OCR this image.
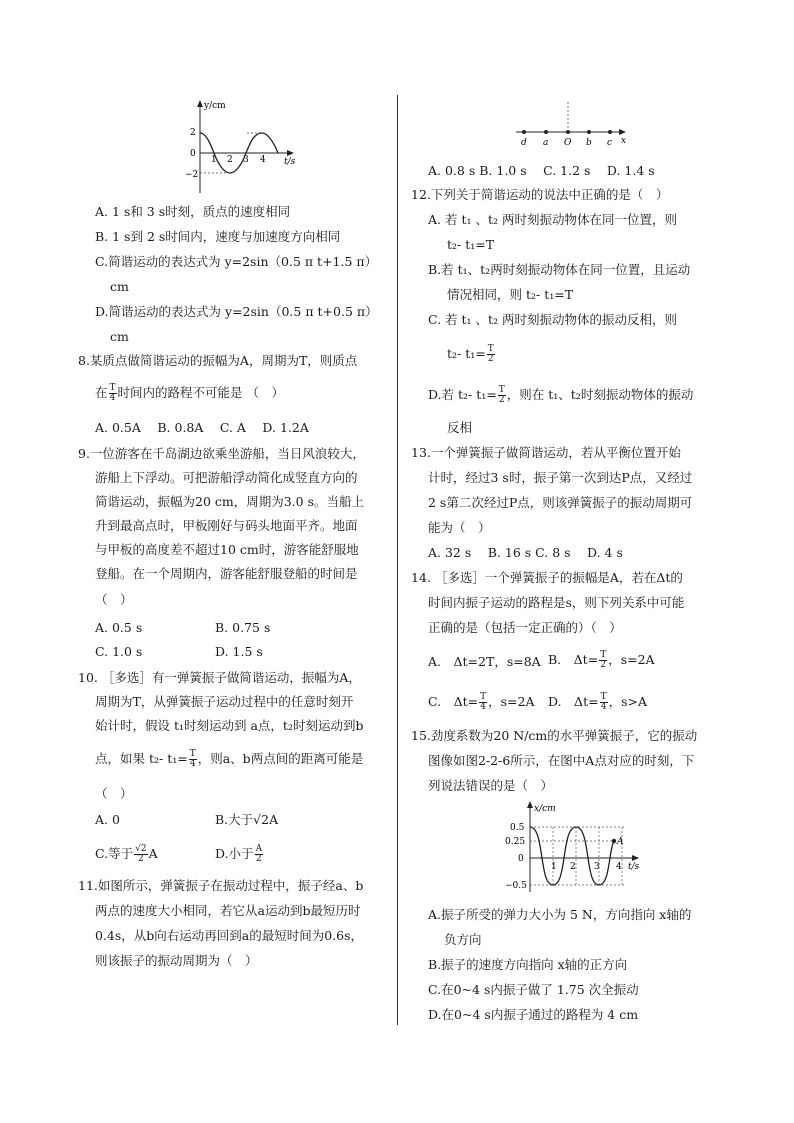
y/cm
t/s
2
0
−2
1 2 3 4
A. 1 s和 3 s时刻，质点的速度相同
B. 1 s到 2 s时间内，速度与加速度方向相同
C.简谐运动的表达式为 y=2sin（0.5 π t+1.5 π）
cm
D.简谐运动的表达式为 y=2sin（0.5 π t+0.5 π）
cm
8.某质点做简谐运动的振幅为A，周期为T，则质点
在 $\frac{T}{4}$ 时间内的路程不可能是 （　）
A. 0.5A　 B. 0.8A　 C. A　 D. 1.2A
9.一位游客在千岛湖边欲乘坐游船，当日风浪较大，
游船上下浮动。可把游船浮动简化成竖直方向的
简谐运动，振幅为20 cm，周期为3.0 s。当船上
升到最高点时，甲板刚好与码头地面平齐。地面
与甲板的高度差不超过10 cm时，游客能舒服地
登船。在一个周期内，游客能舒服登船的时间是
（　）
A. 0.5 s	B. 0.75 s
C. 1.0 s	D. 1.5 s
10. ［多选］有一弹簧振子做简谐运动，振幅为A，
周期为T，从弹簧振子运动过程中的任意时刻开
始计时，假设 t₁时刻运动到 a点，t₂时刻运动到b
点，如果 t₂- $t_1= \frac{T}{4}$ ，则a、b两点间的距离可能是
（　）
A. 0	B.大于√2A
C.等于 $\frac{√2}{2}$ A	D.小于 $\frac{A}{2}$
11.如图所示，弹簧振子在振动过程中，振子经a、b
两点的速度大小相同，若它从a运动到b最短历时
0.4s，从b向右运动再回到a的最短时间为0.6s，
则该振子的振动周期为（　）
d a O b c x
A. 0.8 s B. 1.0 s　 C. 1.2 s　 D. 1.4 s
12.下列关于简谐运动的说法中正确的是（　）
A. 若 t₁ 、t₂ 两时刻振动物体在同一位置，则
t₂- t₁=T
B.若 t₁、t₂两时刻振动物体在同一位置，且运动
情况相同，则 t₂- t₁=T
C. 若 t₁ 、t₂ 两时刻振动物体的振动反相，则
t₂- $t_1= \frac{T}{2}$
D.若 t₂- $t_1= \frac{T}{2}$ ，则在 t₁、t₂时刻振动物体的振动
反相
13.一个弹簧振子做简谐运动，若从平衡位置开始
计时，经过3 s时，振子第一次到达P点，又经过
2 s第二次经过P点，则该弹簧振子的振动周期可
能为（　）
A. 32 s　 B. 16 s C. 8 s　 D. 4 s
14. ［多选］一个弹簧振子的振幅是A，若在Δt的
时间内振子运动的路程是s，则下列关系中可能
正确的是（包括一定正确的）（　）
A.　Δt=2T，s=8A B.　$\Delta t= \frac{T}{2}$ ，s=2A
C.　$\Delta t= \frac{T}{4}$ ，s=2A D.　$\Delta t= \frac{T}{4}$ ，s>A
15.劲度系数为20 N/cm的水平弹簧振子，它的振动
图像如图2-2-6所示，在图中A点对应的时刻，下
列说法错误的是（　）
x/cm
t/s
0.5
0.25
0
−0.5
1 2 3 4
A
A.振子所受的弹力大小为 5 N，方向指向 x轴的
负方向
B.振子的速度方向指向 x轴的正方向
C.在0~4 s内振子做了 1.75 次全振动
D.在0~4 s内振子通过的路程为 4 cm
